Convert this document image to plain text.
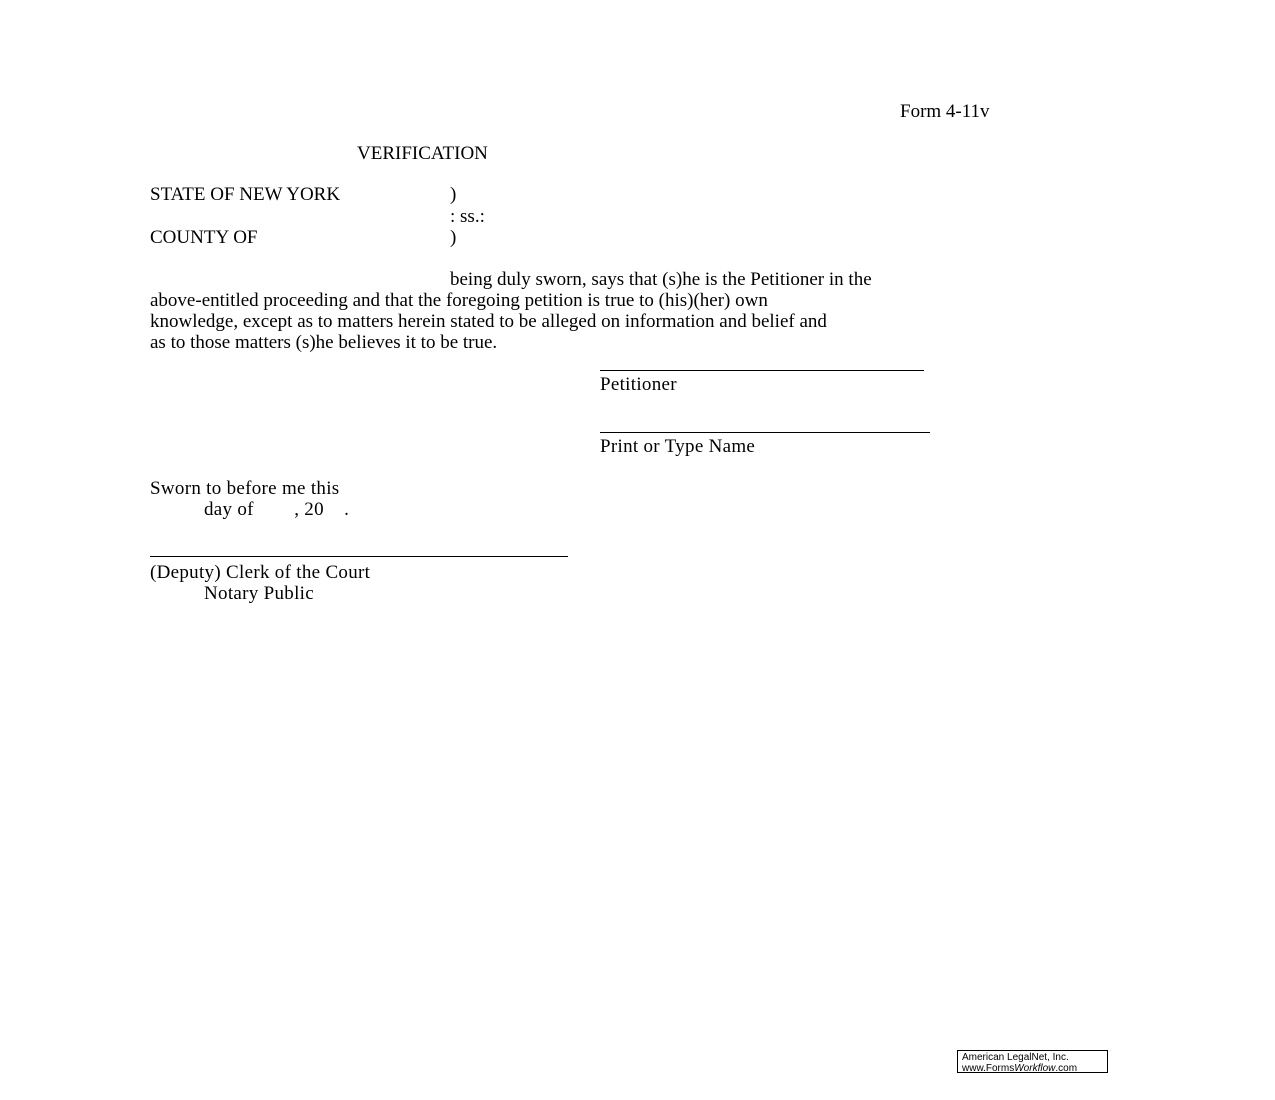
Form 4-11v
VERIFICATION
STATE OF NEW YORK	)
: ss.:
COUNTY OF	)
being duly sworn, says that (s)he is the Petitioner in the
above-entitled proceeding and that the foregoing petition is true to (his)(her) own
knowledge, except as to matters herein stated to be alleged on information and belief and
as to those matters (s)he believes it to be true.
Petitioner
Print or Type Name
Sworn to before me this
day of        , 20    .
(Deputy) Clerk of the Court
Notary Public
American LegalNet, Inc.
www.FormsWorkflow.com
